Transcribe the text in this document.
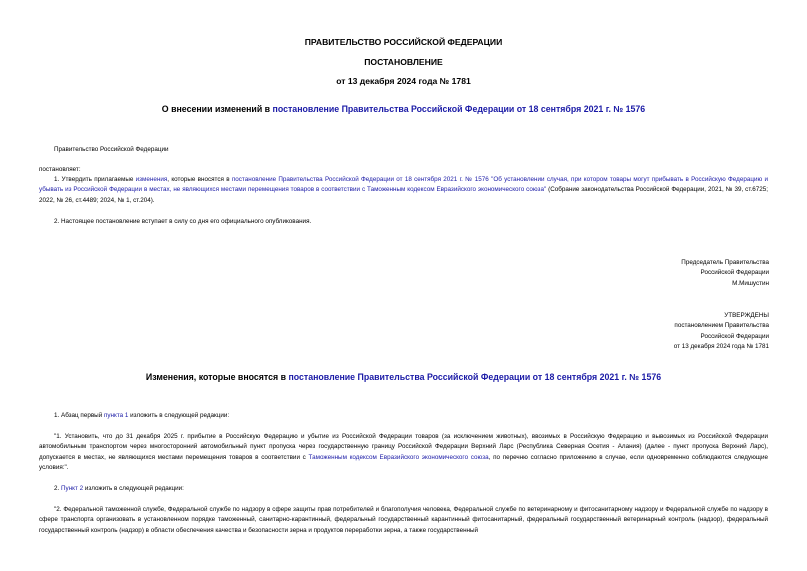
ПРАВИТЕЛЬСТВО РОССИЙСКОЙ ФЕДЕРАЦИИ
ПОСТАНОВЛЕНИЕ
от 13 декабря 2024 года № 1781
О внесении изменений в постановление Правительства Российской Федерации от 18 сентября 2021 г. № 1576

Правительство Российской Федерации

постановляет:

1. Утвердить прилагаемые изменения, которые вносятся в постановление Правительства Российской Федерации от 18 сентября 2021 г. № 1576 "Об установлении случая, при котором товары могут прибывать в Российскую Федерацию и убывать из Российской Федерации в местах, не являющихся местами перемещения товаров в соответствии с Таможенным кодексом Евразийского экономического союза" (Собрание законодательства Российской Федерации, 2021, № 39, ст.6725; 2022, № 26, ст.4489; 2024, № 1, ст.204).

2. Настоящее постановление вступает в силу со дня его официального опубликования.

Председатель Правительства
Российской Федерации
М.Мишустин
УТВЕРЖДЕНЫ
постановлением Правительства
Российской Федерации
от 13 декабря 2024 года № 1781
Изменения, которые вносятся в постановление Правительства Российской Федерации от 18 сентября 2021 г. № 1576

1. Абзац первый пункта 1 изложить в следующей редакции:

"1. Установить, что до 31 декабря 2025 г. прибытие в Российскую Федерацию и убытие из Российской Федерации товаров (за исключением животных), ввозимых в Российскую Федерацию и вывозимых из Российской Федерации автомобильным транспортом через многосторонний автомобильный пункт пропуска через государственную границу Российской Федерации Верхний Ларс (Республика Северная Осетия - Алания) (далее - пункт пропуска Верхний Ларс), допускается в местах, не являющихся местами перемещения товаров в соответствии с Таможенным кодексом Евразийского экономического союза, по перечню согласно приложению в случае, если одновременно соблюдаются следующие условия:".

2. Пункт 2 изложить в следующей редакции:

"2. Федеральной таможенной службе, Федеральной службе по надзору в сфере защиты прав потребителей и благополучия человека, Федеральной службе по ветеринарному и фитосанитарному надзору и Федеральной службе по надзору в сфере транспорта организовать в установленном порядке таможенный, санитарно-карантинный, федеральный государственный карантинный фитосанитарный, федеральный государственный ветеринарный контроль (надзор), федеральный государственный контроль (надзор) в области обеспечения качества и безопасности зерна и продуктов переработки зерна, а также государственный
